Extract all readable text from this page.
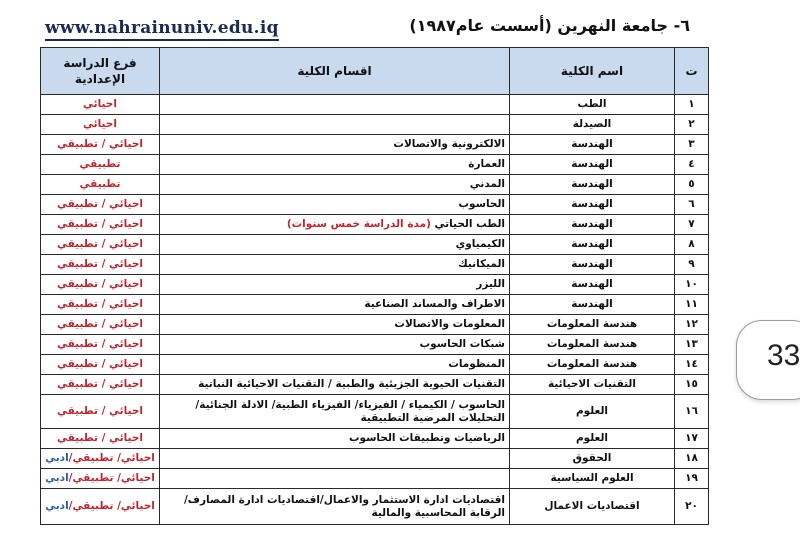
www.nahrainuniv.edu.iq	٦- جامعة النهرين (أسست عام١٩٨٧)
ت	اسم الكلية	اقسام الكلية	فرع الدراسة
الإعدادية

١	الطب		احيائي
٢	الصيدلة		احيائي
٣	الهندسة	الالكترونية والاتصالات	احيائي / تطبيقي
٤	الهندسة	العمارة	تطبيقي
٥	الهندسة	المدني	تطبيقي
٦	الهندسة	الحاسوب	احيائي / تطبيقي
٧	الهندسة	الطب الحياتي (مدة الدراسة خمس سنوات)	احيائي / تطبيقي
٨	الهندسة	الكيمياوي	احيائي / تطبيقي
٩	الهندسة	الميكانيك	احيائي / تطبيقي
١٠	الهندسة	الليزر	احيائي / تطبيقي
١١	الهندسة	الاطراف والمساند الصناعية	احيائي / تطبيقي
١٢	هندسة المعلومات	المعلومات والاتصالات	احيائي / تطبيقي
١٣	هندسة المعلومات	شبكات الحاسوب	احيائي / تطبيقي
١٤	هندسة المعلومات	المنظومات	احيائي / تطبيقي
١٥	التقنيات الاحيائية	التقنيات الحيوية الجزيئية والطبية / التقنيات الاحيائية النباتية	احيائي / تطبيقي
١٦	العلوم	الحاسوب / الكيمياء / الفيزياء/ الفيزياء الطبية/ الادلة الجنائية/ التحليلات المرضية التطبيقية	احيائي / تطبيقي
١٧	العلوم	الرياضيات وتطبيقات الحاسوب	احيائي / تطبيقي
١٨	الحقوق		احيائي/ تطبيقي/ادبي
١٩	العلوم السياسية		احيائي/ تطبيقي/ادبي
٢٠	اقتصاديات الاعمال	اقتصاديات ادارة الاستثمار والاعمال/اقتصاديات ادارة المصارف/الرقابة المحاسبية والمالية	احيائي/ تطبيقي/ادبي
33
